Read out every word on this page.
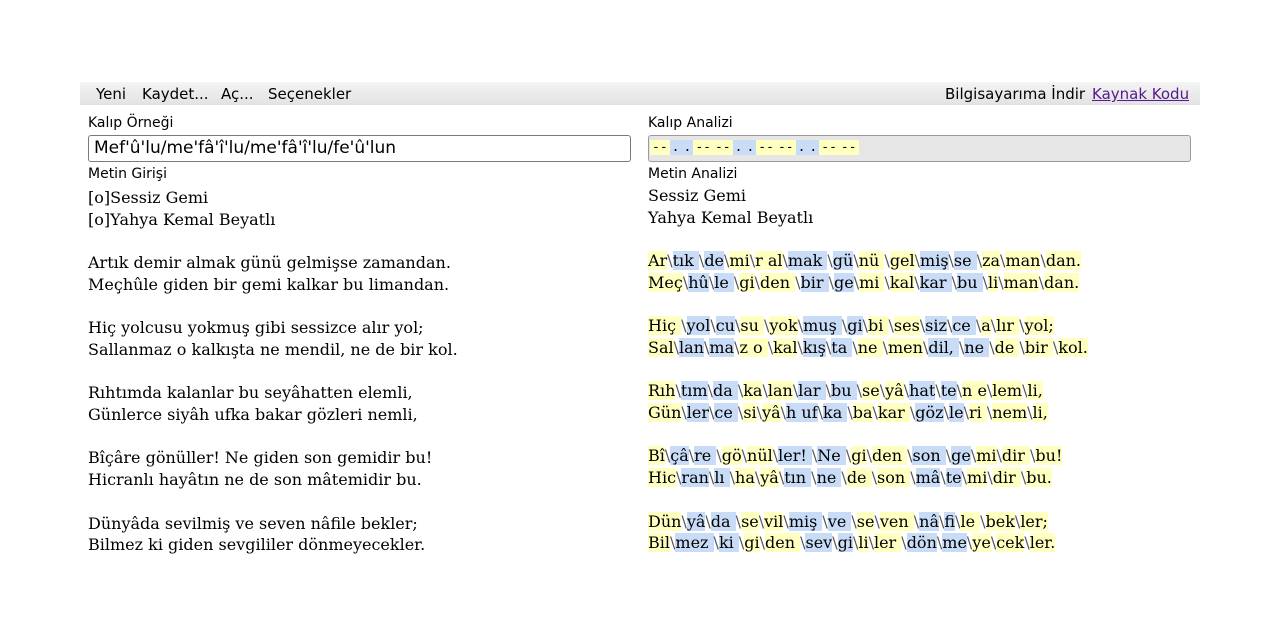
Yeni Kaydet... Aç... Seçenekler	Bilgisayarıma İndir Kaynak Kodu
Kalıp Örneği
Mef'û'lu/me'fâ'î'lu/me'fâ'î'lu/fe'û'lun
Metin Girişi
[o]Sessiz Gemi
[o]Yahya Kemal Beyatlı

Artık demir almak günü gelmişse zamandan.
Meçhûle giden bir gemi kalkar bu limandan.

Hiç yolcusu yokmuş gibi sessizce alır yol;
Sallanmaz o kalkışta ne mendil, ne de bir kol.

Rıhtımda kalanlar bu seyâhatten elemli,
Günlerce siyâh ufka bakar gözleri nemli,

Bîçâre gönüller! Ne giden son gemidir bu!
Hicranlı hayâtın ne de son mâtemidir bu.

Dünyâda sevilmiş ve seven nâfile bekler;
Bilmez ki giden sevgililer dönmeyecekler.
Kalıp Analizi
-- . . -- -- . . -- -- . . -- --
Metin Analizi
Sessiz Gemi
Yahya Kemal Beyatlı

Ar\tık \de\mi\r al\mak \gü\nü \gel\miş\se \za\man\dan.
Meç\hû\le \gi\den \bir \ge\mi \kal\kar \bu \li\man\dan.

Hiç \yol\cu\su \yok\muş \gi\bi \ses\siz\ce \a\lır \yol;
Sal\lan\ma\z o \kal\kış\ta \ne \men\dil, \ne \de \bir \kol.

Rıh\tım\da \ka\lan\lar \bu \se\yâ\hat\te\n e\lem\li,
Gün\ler\ce \si\yâ\h uf\ka \ba\kar \göz\le\ri \nem\li,

Bî\çâ\re \gö\nül\ler! \Ne \gi\den \son \ge\mi\dir \bu!
Hic\ran\lı \ha\yâ\tın \ne \de \son \mâ\te\mi\dir \bu.

Dün\yâ\da \se\vil\miş \ve \se\ven \nâ\fi\le \bek\ler;
Bil\mez \ki \gi\den \sev\gi\li\ler \dön\me\ye\cek\ler.
